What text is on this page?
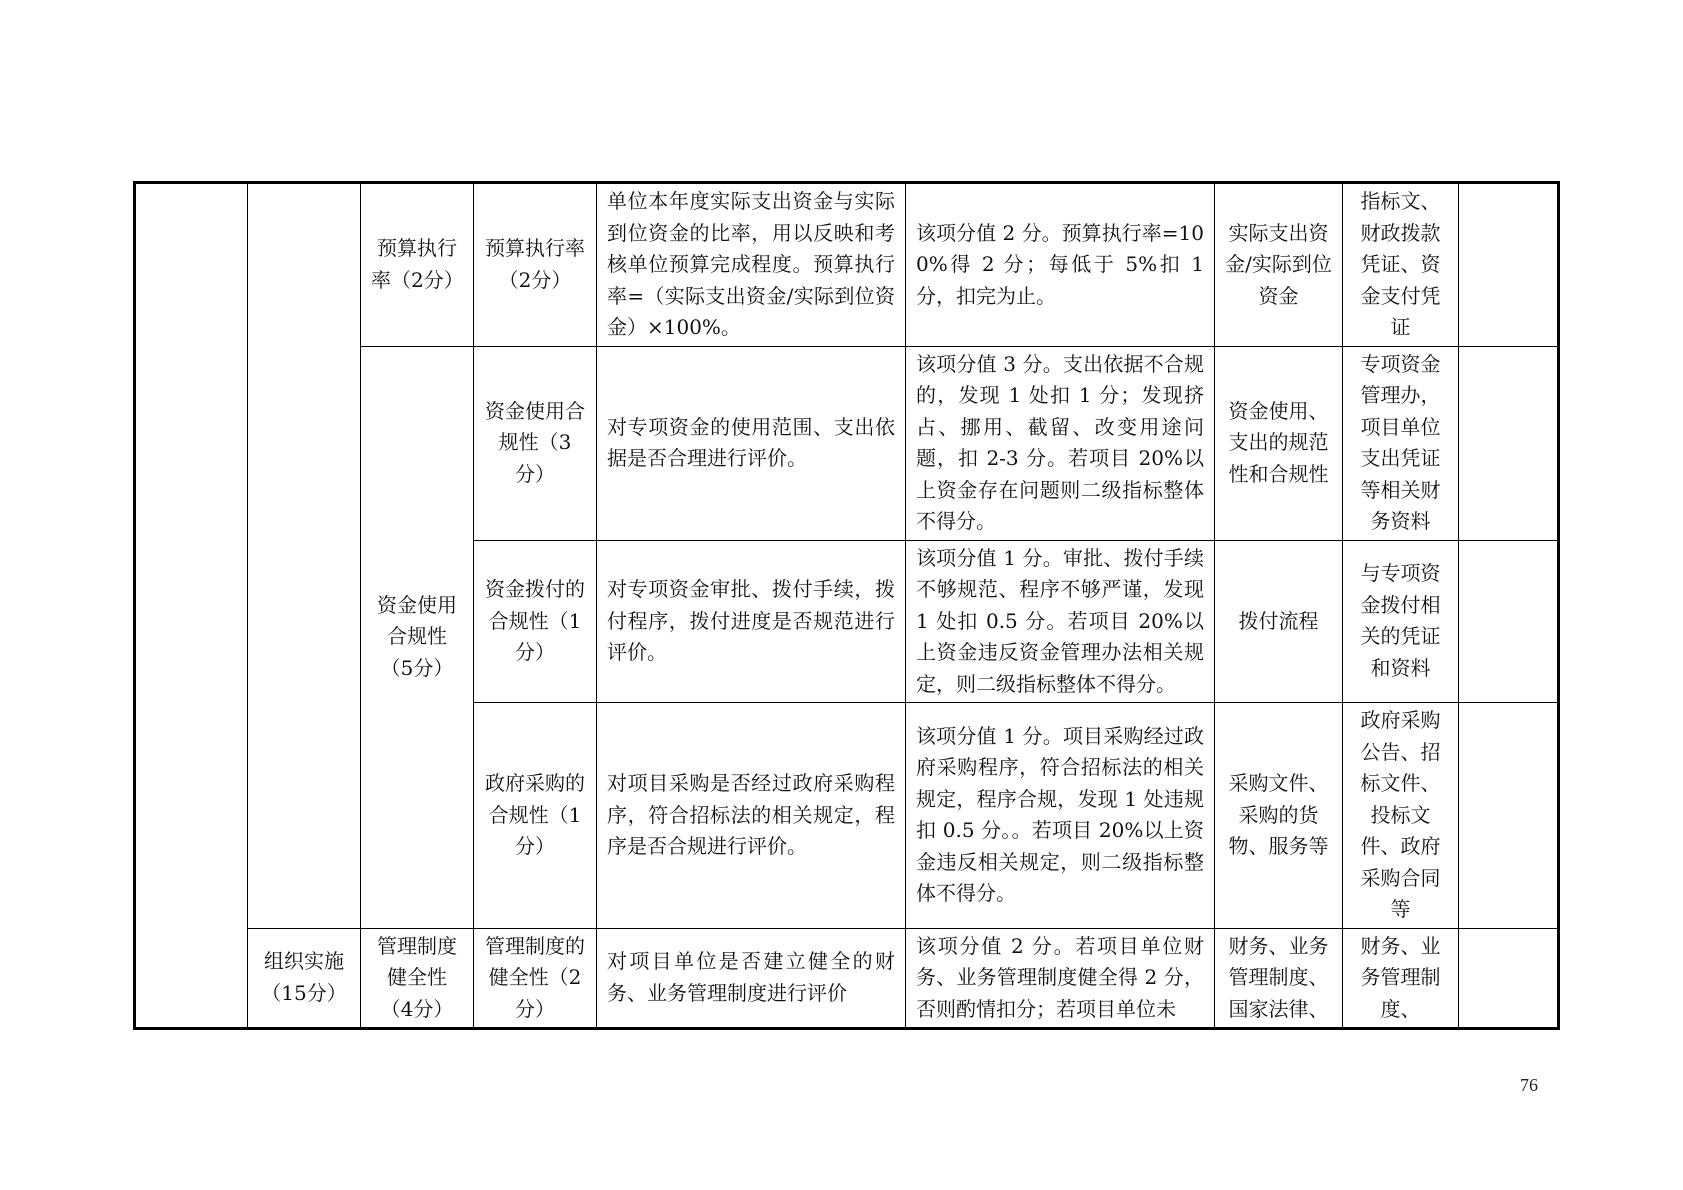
		预算执行率（2分）	预算执行率（2分）	单位本年度实际支出资金与实际到位资金的比率，用以反映和考核单位预算完成程度。预算执行率=（实际支出资金/实际到位资金）×100%。	该项分值 2 分。预算执行率=100%得 2 分；每低于 5%扣 1 分，扣完为止。	实际支出资金/实际到位资金	指标文、财政拨款凭证、资金支付凭证	
		资金使用合规性（5分）	资金使用合规性（3分）	对专项资金的使用范围、支出依据是否合理进行评价。	该项分值 3 分。支出依据不合规的，发现 1 处扣 1 分；发现挤占、挪用、截留、改变用途问题，扣 2-3 分。若项目 20%以上资金存在问题则二级指标整体不得分。	资金使用、支出的规范性和合规性	专项资金管理办，项目单位支出凭证等相关财务资料	
			资金拨付的合规性（1分）	对专项资金审批、拨付手续，拨付程序，拨付进度是否规范进行评价。	该项分值 1 分。审批、拨付手续不够规范、程序不够严谨，发现 1 处扣 0.5 分。若项目 20%以上资金违反资金管理办法相关规定，则二级指标整体不得分。	拨付流程	与专项资金拨付相关的凭证和资料	
			政府采购的合规性（1分）	对项目采购是否经过政府采购程序，符合招标法的相关规定，程序是否合规进行评价。	该项分值 1 分。项目采购经过政府采购程序，符合招标法的相关规定，程序合规，发现 1 处违规扣 0.5 分。。若项目 20%以上资金违反相关规定，则二级指标整体不得分。	采购文件、采购的货物、服务等	政府采购公告、招标文件、投标文件、政府采购合同等	
	组织实施（15分）	管理制度健全性（4分）	管理制度的健全性（2分）	对项目单位是否建立健全的财务、业务管理制度进行评价	该项分值 2 分。若项目单位财务、业务管理制度健全得 2 分，否则酌情扣分；若项目单位未	财务、业务管理制度、国家法律、	财务、业务管理制度、	
76
